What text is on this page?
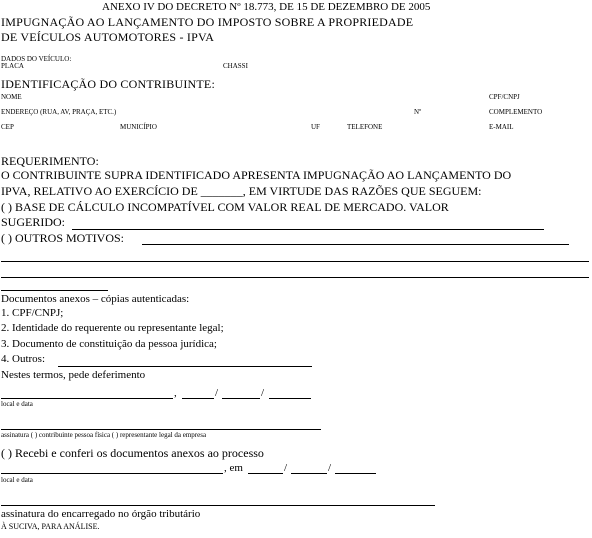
ANEXO IV DO DECRETO Nº 18.773, DE 15 DE DEZEMBRO DE 2005
IMPUGNAÇÃO AO LANÇAMENTO DO IMPOSTO SOBRE A PROPRIEDADE
DE VEÍCULOS AUTOMOTORES - IPVA
DADOS DO VEÍCULO:
PLACA	CHASSI
IDENTIFICAÇÃO DO CONTRIBUINTE:
NOME	CPF/CNPJ
ENDEREÇO (RUA, AV, PRAÇA, ETC.)	Nº	COMPLEMENTO
CEP	MUNICÍPIO	UF	TELEFONE	E-MAIL
REQUERIMENTO:
O CONTRIBUINTE SUPRA IDENTIFICADO APRESENTA IMPUGNAÇÃO AO LANÇAMENTO DO
IPVA, RELATIVO AO EXERCÍCIO DE _______, EM VIRTUDE DAS RAZÕES QUE SEGUEM:
( ) BASE DE CÁLCULO INCOMPATÍVEL COM VALOR REAL DE MERCADO. VALOR
SUGERIDO:
( ) OUTROS MOTIVOS:
Documentos anexos – cópias autenticadas:
1. CPF/CNPJ;
2. Identidade do requerente ou representante legal;
3. Documento de constituição da pessoa jurídica;
4. Outros:
Nestes termos, pede deferimento
,	/	/
local e data
assinatura ( ) contribuinte pessoa física ( ) representante legal da empresa
( ) Recebi e conferi os documentos anexos ao processo
, em	/	/
local e data
assinatura do encarregado no órgão tributário
À SUCIVA, PARA ANÁLISE.
